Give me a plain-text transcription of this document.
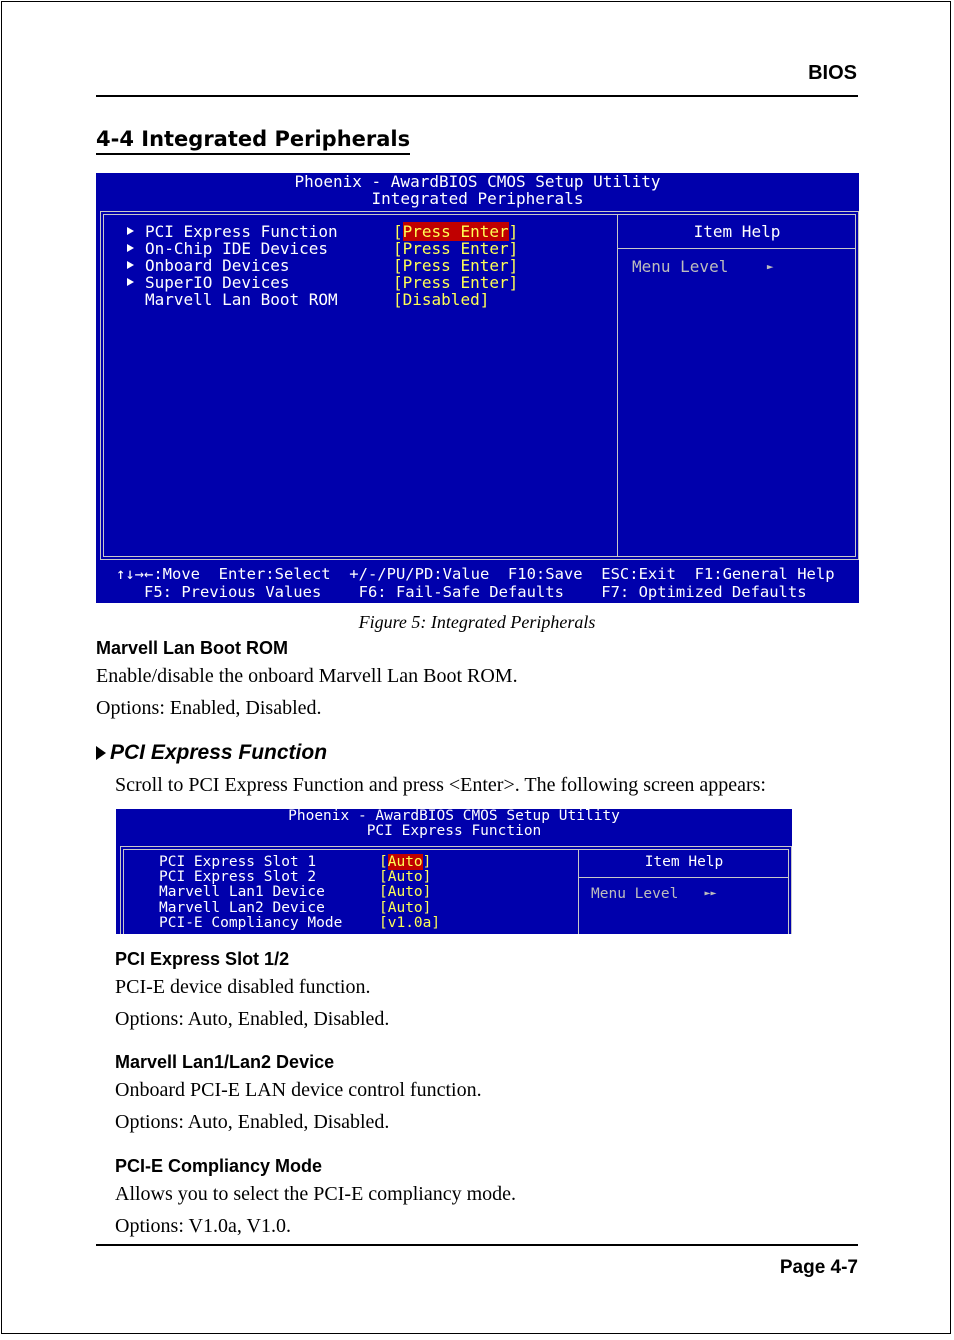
BIOS
4-4 Integrated Peripherals
Phoenix - AwardBIOS CMOS Setup Utility
Integrated Peripherals
PCI Express Function	[Press Enter]
On-Chip IDE Devices	[Press Enter]
Onboard Devices	[Press Enter]
SuperIO Devices	[Press Enter]
Marvell Lan Boot ROM	[Disabled]
Item Help
Menu Level	►
↑↓→←:Move  Enter:Select  +/-/PU/PD:Value  F10:Save  ESC:Exit  F1:General Help
F5: Previous Values    F6: Fail-Safe Defaults    F7: Optimized Defaults
Figure 5: Integrated Peripherals
Marvell Lan Boot ROM
Enable/disable the onboard Marvell Lan Boot ROM.
Options: Enabled, Disabled.
PCI Express Function
Scroll to PCI Express Function and press <Enter>. The following screen appears:
Phoenix - AwardBIOS CMOS Setup Utility
PCI Express Function
PCI Express Slot 1	[Auto]
PCI Express Slot 2	[Auto]
Marvell Lan1 Device	[Auto]
Marvell Lan2 Device	[Auto]
PCI-E Compliancy Mode	[v1.0a]
Item Help
Menu Level	►►
PCI Express Slot 1/2
PCI-E device disabled function.
Options: Auto, Enabled, Disabled.
Marvell Lan1/Lan2 Device
Onboard PCI-E LAN device control function.
Options: Auto, Enabled, Disabled.
PCI-E Compliancy Mode
Allows you to select the PCI-E compliancy mode.
Options: V1.0a, V1.0.
Page 4-7
